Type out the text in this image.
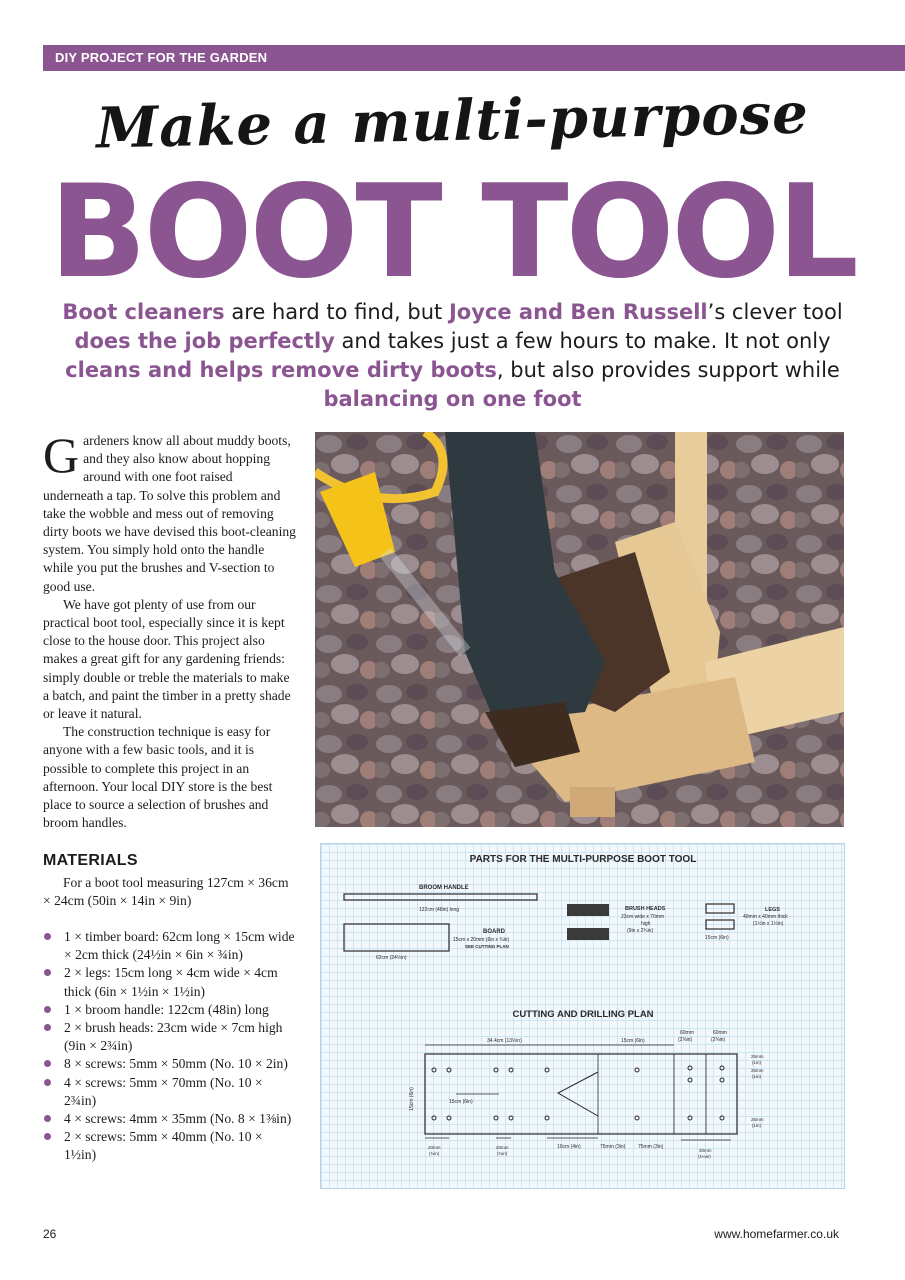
DIY PROJECT FOR THE GARDEN
Make a multi-purpose
BOOT TOOL

Boot cleaners are hard to find, but Joyce and Ben Russell’s clever tool does the job perfectly and takes just a few hours to make. It not only cleans and helps remove dirty boots, but also provides support while balancing on one foot

Gardeners know all about muddy boots, and they also know about hopping around with one foot raised underneath a tap. To solve this problem and take the wobble and mess out of removing dirty boots we have devised this boot-cleaning system. You simply hold onto the handle while you put the brushes and V-section to good use.

We have got plenty of use from our practical boot tool, especially since it is kept close to the house door. This project also makes a great gift for any gardening friends: simply double or treble the materials to make a batch, and paint the timber in a pretty shade or leave it natural.

The construction technique is easy for anyone with a few basic tools, and it is possible to complete this project in an afternoon. Your local DIY store is the best place to source a selection of brushes and broom handles.

MATERIALS

For a boot tool measuring 127cm × 36cm × 24cm (50in × 14in × 9in)

1 × timber board: 62cm long × 15cm wide × 2cm thick (24½in × 6in × ¾in)
2 × legs: 15cm long × 4cm wide × 4cm thick (6in × 1½in × 1½in)
1 × broom handle: 122cm (48in) long
2 × brush heads: 23cm wide × 7cm high (9in × 2¾in)
8 × screws: 5mm × 50mm (No. 10 × 2in)
4 × screws: 5mm × 70mm (No. 10 × 2¾in)
4 × screws: 4mm × 35mm (No. 8 × 1⅜in)
2 × screws: 5mm × 40mm (No. 10 × 1½in)
PARTS FOR THE MULTI-PURPOSE BOOT TOOL
BROOM HANDLE
122cm (48in) long
BOARD
15cm x 20mm (6in x ¾in)
SEE CUTTING PLAN
62cm (24½in)
BRUSH HEADS
23cm wide x 70mm
high
(9in x 2¾in)
LEGS
40mm x 40mm thick
(1½in x 1½in)
15cm (6in)
CUTTING AND DRILLING PLAN
34.4cm (13½in)	15cm (6in)
60mm
(2⅜in)
60mm
(2⅜in)
15cm (6in)
15cm (6in)
25mm
(1in)
25mm
(1in)
25mm
(1in)
20mm
(¾in)
20mm
(¾in)
10cm (4in)	75mm (3in)	75mm (3in)
30mm
(1¼in)
26	www.homefarmer.co.uk
